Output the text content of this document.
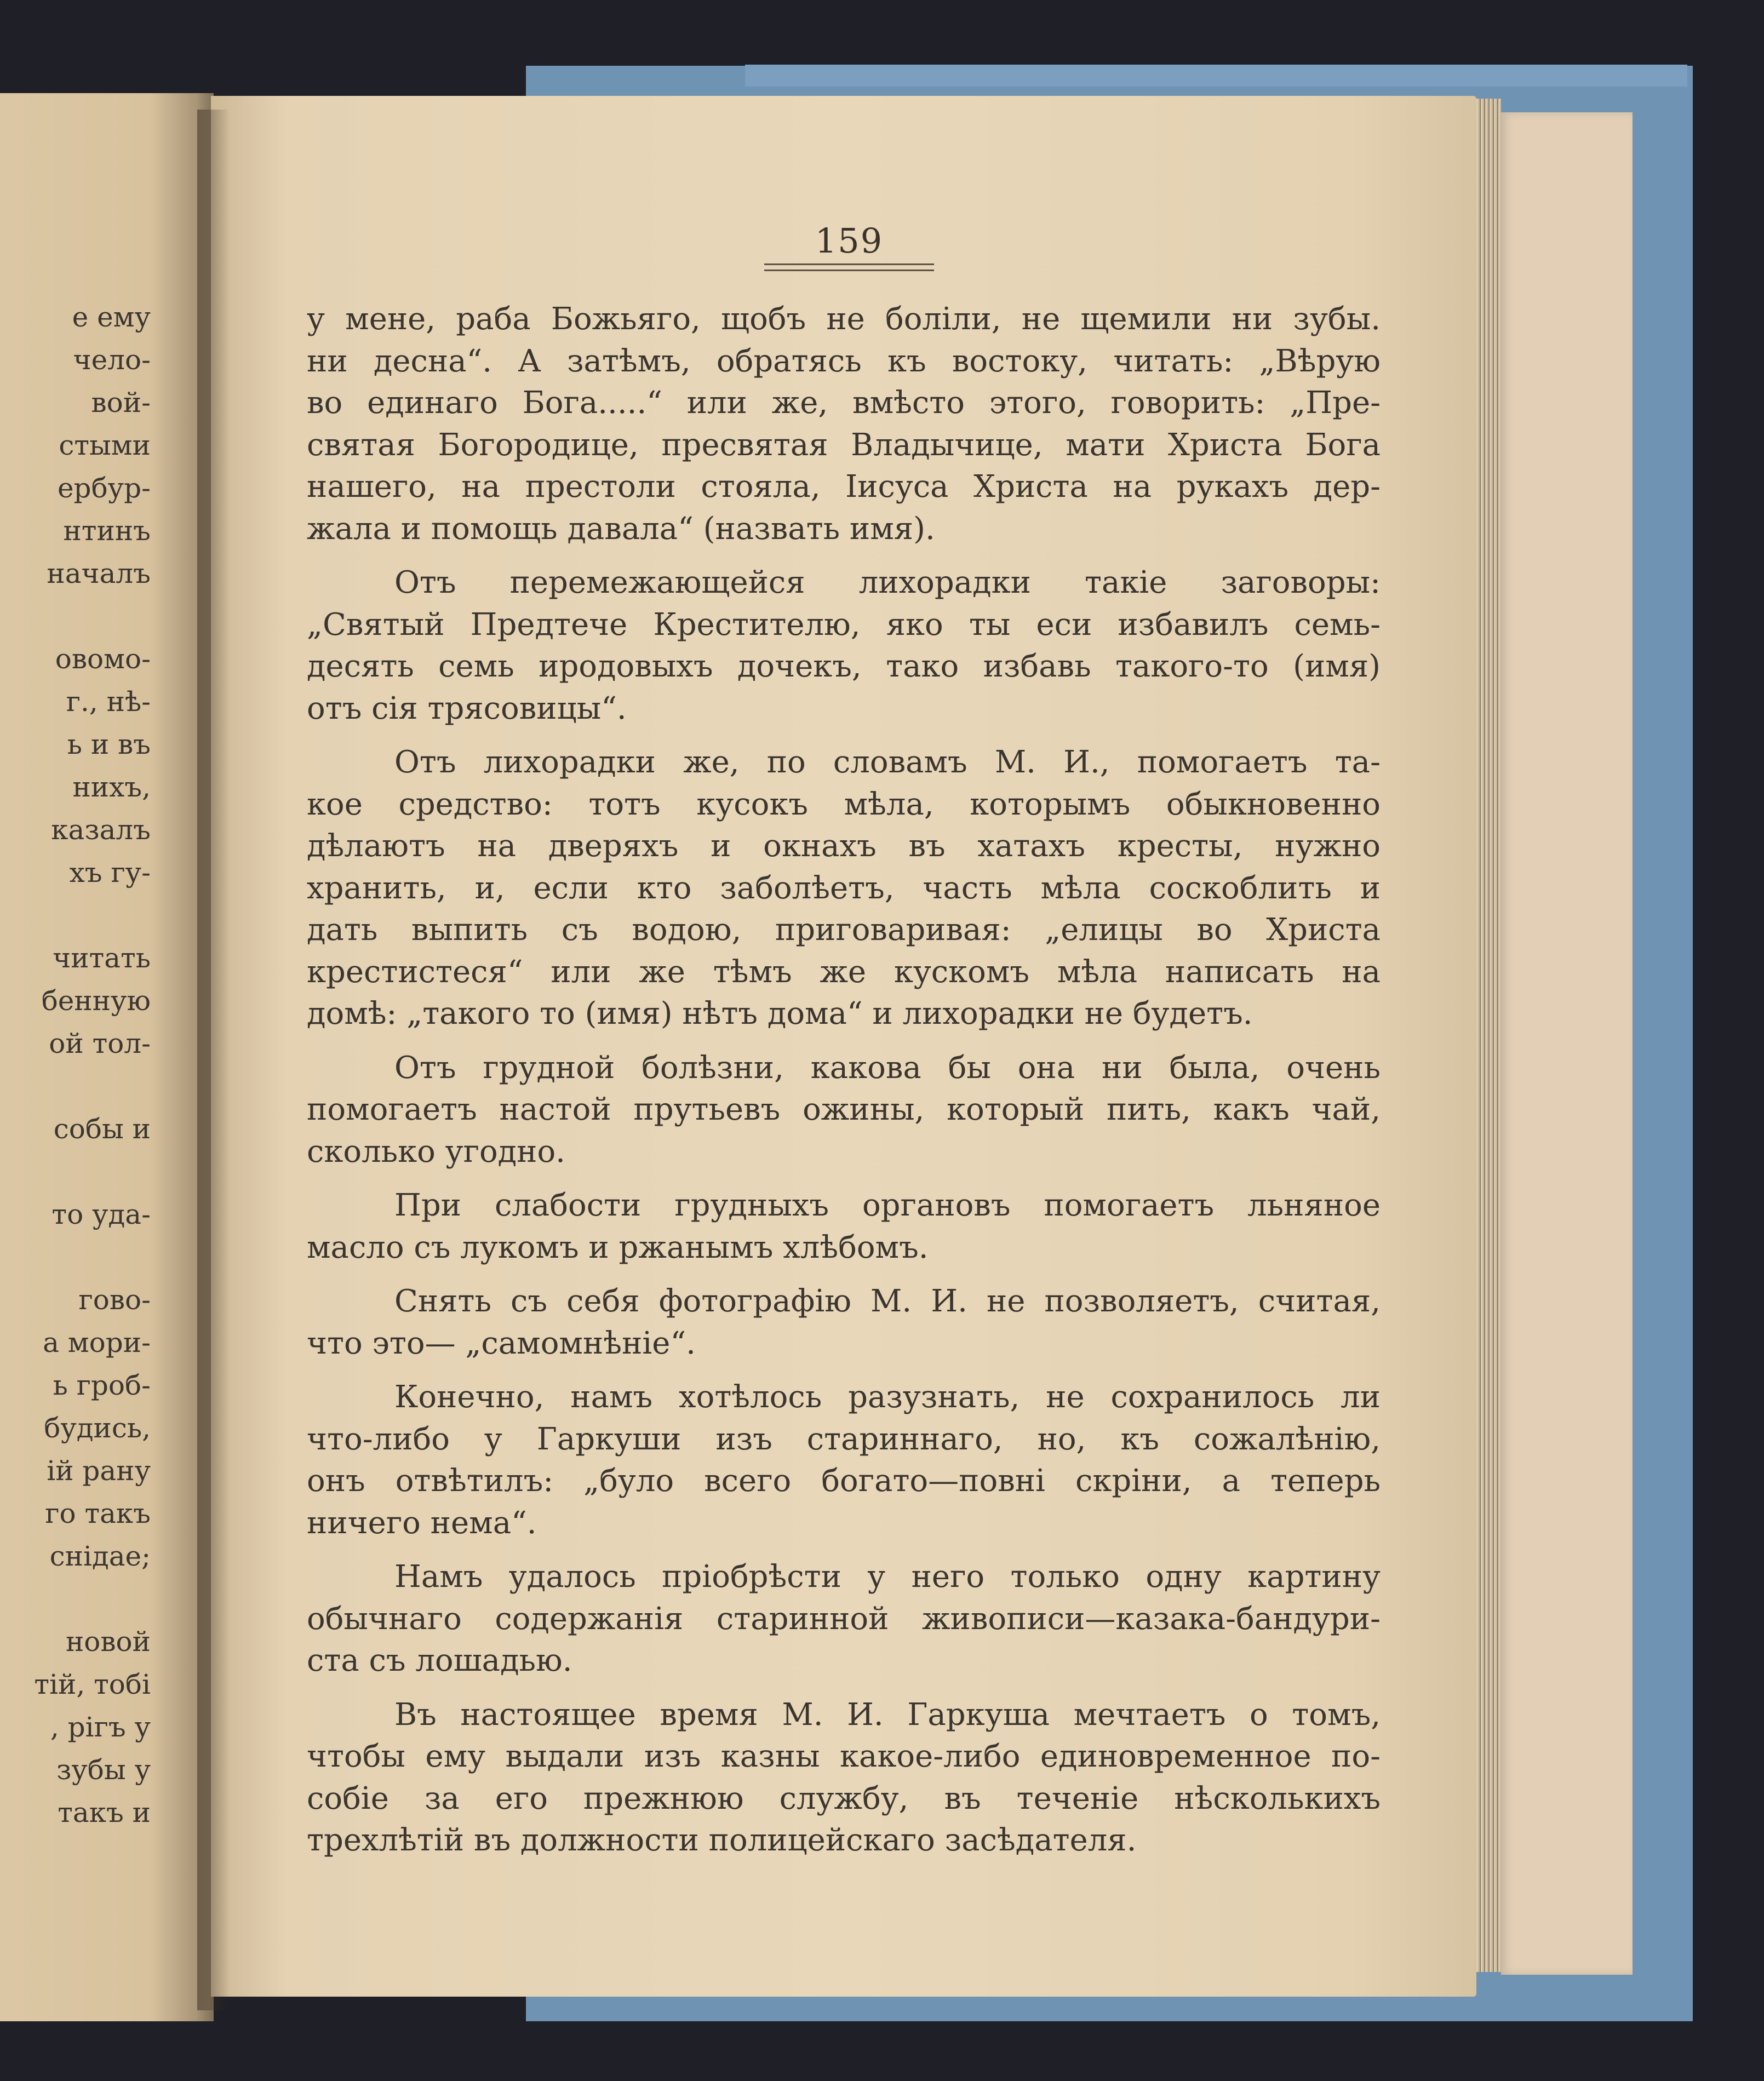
е ему
чело-
вой-
стыми
ербур-
нтинъ
началъ
овомо-
г., нѣ-
ь и въ
нихъ,
казалъ
хъ гу-
читать
бенную
ой тол-
собы и
то уда-
гово-
а мори-
ь гроб-
будись,
ій рану
го такъ
снідае;
новой
тій, тобі
, рігъ у
зубы у
такъ и
159
у мене, раба Божьяго, щобъ не боліли, не щемили ни зубы.
ни десна“. А затѣмъ, обратясь къ востоку, читать: „Вѣрую
во единаго Бога.....“ или же, вмѣсто этого, говорить: „Пре-
святая Богородице, пресвятая Владычице, мати Христа Бога
нашего, на престоли стояла, Іисуса Христа на рукахъ дер-
жала и помощь давала“ (назвать имя).
Отъ перемежающейся лихорадки такіе заговоры:
„Святый Предтече Крестителю, яко ты еси избавилъ семь-
десять семь иродовыхъ дочекъ, тако избавь такого-то (имя)
отъ сія трясовицы“.
Отъ лихорадки же, по словамъ М. И., помогаетъ та-
кое средство: тотъ кусокъ мѣла, которымъ обыкновенно
дѣлаютъ на дверяхъ и окнахъ въ хатахъ кресты, нужно
хранить, и, если кто заболѣетъ, часть мѣла соскоблить и
дать выпить съ водою, приговаривая: „елицы во Христа
крестистеся“ или же тѣмъ же кускомъ мѣла написать на
домѣ: „такого то (имя) нѣтъ дома“ и лихорадки не будетъ.
Отъ грудной болѣзни, какова бы она ни была, очень
помогаетъ настой прутьевъ ожины, который пить, какъ чай,
сколько угодно.
При слабости грудныхъ органовъ помогаетъ льняное
масло съ лукомъ и ржанымъ хлѣбомъ.
Снять съ себя фотографію М. И. не позволяетъ, считая,
что это— „самомнѣніе“.
Конечно, намъ хотѣлось разузнать, не сохранилось ли
что-либо у Гаркуши изъ стариннаго, но, къ сожалѣнію,
онъ отвѣтилъ: „було всего богато—повні скріни, а теперь
ничего нема“.
Намъ удалось пріобрѣсти у него только одну картину
обычнаго содержанія старинной живописи—казака-бандури-
ста съ лошадью.
Въ настоящее время М. И. Гаркуша мечтаетъ о томъ,
чтобы ему выдали изъ казны какое-либо единовременное по-
собіе за его прежнюю службу, въ теченіе нѣсколькихъ
трехлѣтій въ должности полицейскаго засѣдателя.
